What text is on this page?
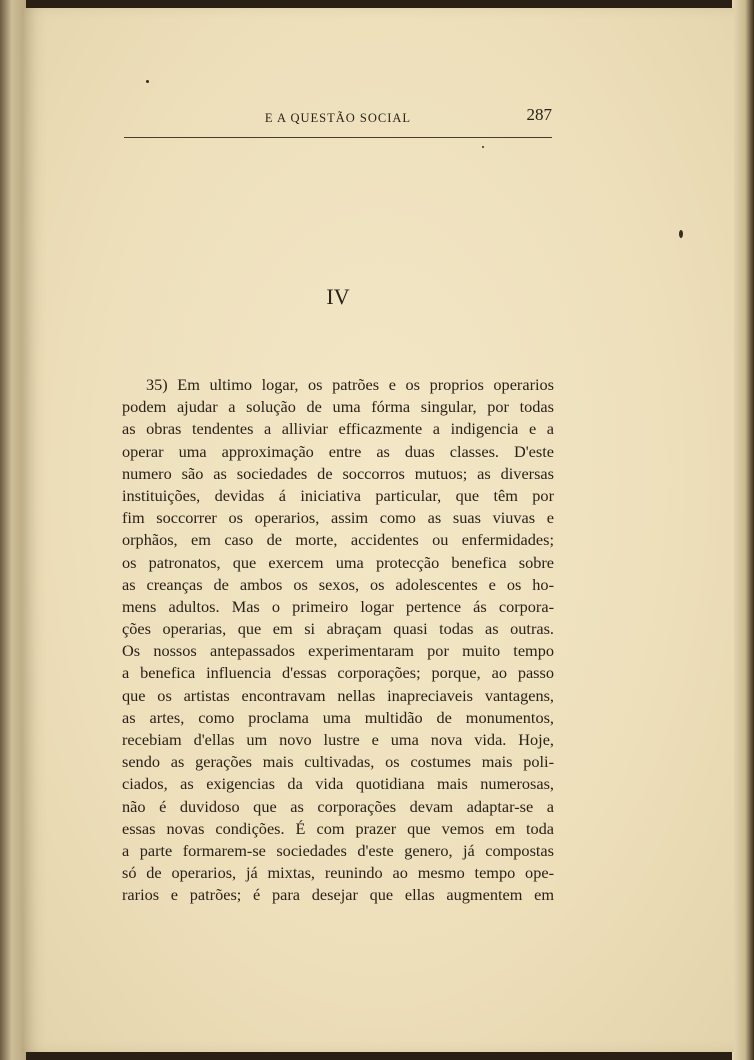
E A QUESTÃO SOCIAL	287
IV
35) Em ultimo logar, os patrões e os proprios operarios
podem ajudar a solução de uma fórma singular, por todas
as obras tendentes a alliviar efficazmente a indigencia e a
operar uma approximação entre as duas classes. D'este
numero são as sociedades de soccorros mutuos; as diversas
instituições, devidas á iniciativa particular, que têm por
fim soccorrer os operarios, assim como as suas viuvas e
orphãos, em caso de morte, accidentes ou enfermidades;
os patronatos, que exercem uma protecção benefica sobre
as creanças de ambos os sexos, os adolescentes e os ho-
mens adultos. Mas o primeiro logar pertence ás corpora-
ções operarias, que em si abraçam quasi todas as outras.
Os nossos antepassados experimentaram por muito tempo
a benefica influencia d'essas corporações; porque, ao passo
que os artistas encontravam nellas inapreciaveis vantagens,
as artes, como proclama uma multidão de monumentos,
recebiam d'ellas um novo lustre e uma nova vida. Hoje,
sendo as gerações mais cultivadas, os costumes mais poli-
ciados, as exigencias da vida quotidiana mais numerosas,
não é duvidoso que as corporações devam adaptar-se a
essas novas condições. É com prazer que vemos em toda
a parte formarem-se sociedades d'este genero, já compostas
só de operarios, já mixtas, reunindo ao mesmo tempo ope-
rarios e patrões; é para desejar que ellas augmentem em
